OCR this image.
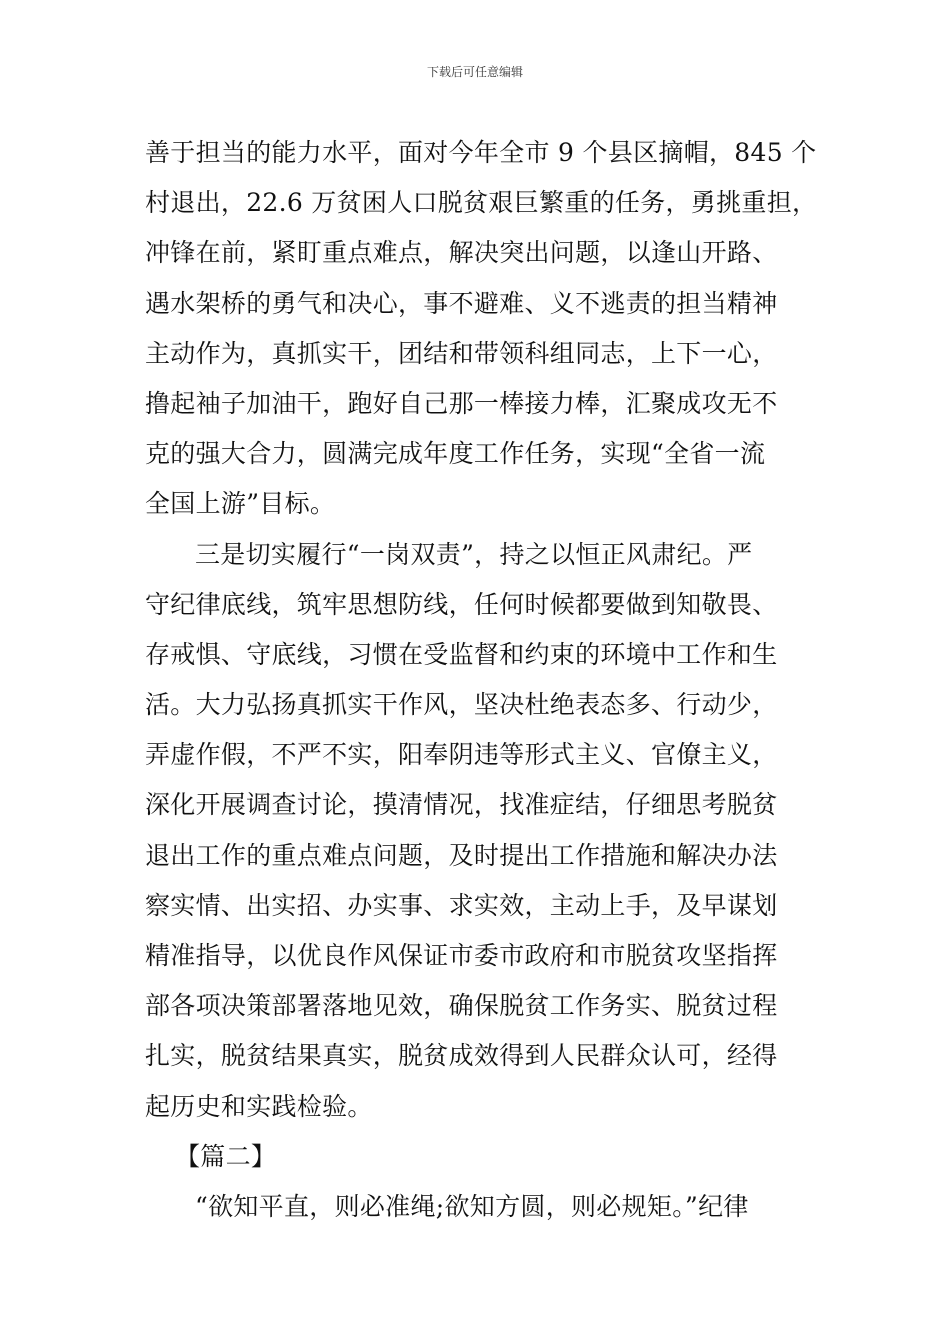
下载后可任意编辑
善于担当的能力水平，面对今年全市 9 个县区摘帽，845 个
村退出，22.6 万贫困人口脱贫艰巨繁重的任务，勇挑重担，
冲锋在前，紧盯重点难点，解决突出问题，以逢山开路、
遇水架桥的勇气和决心，事不避难、义不逃责的担当精神
主动作为，真抓实干，团结和带领科组同志，上下一心，
撸起袖子加油干，跑好自己那一棒接力棒，汇聚成攻无不
克的强大合力，圆满完成年度工作任务，实现“全省一流
全国上游”目标。
三是切实履行“一岗双责”，持之以恒正风肃纪。严
守纪律底线，筑牢思想防线，任何时候都要做到知敬畏、
存戒惧、守底线，习惯在受监督和约束的环境中工作和生
活。大力弘扬真抓实干作风，坚决杜绝表态多、行动少，
弄虚作假，不严不实，阳奉阴违等形式主义、官僚主义，
深化开展调查讨论，摸清情况，找准症结，仔细思考脱贫
退出工作的重点难点问题，及时提出工作措施和解决办法
察实情、出实招、办实事、求实效，主动上手，及早谋划
精准指导，以优良作风保证市委市政府和市脱贫攻坚指挥
部各项决策部署落地见效，确保脱贫工作务实、脱贫过程
扎实，脱贫结果真实，脱贫成效得到人民群众认可，经得
起历史和实践检验。
【篇二】
“欲知平直，则必准绳;欲知方圆，则必规矩。”纪律
